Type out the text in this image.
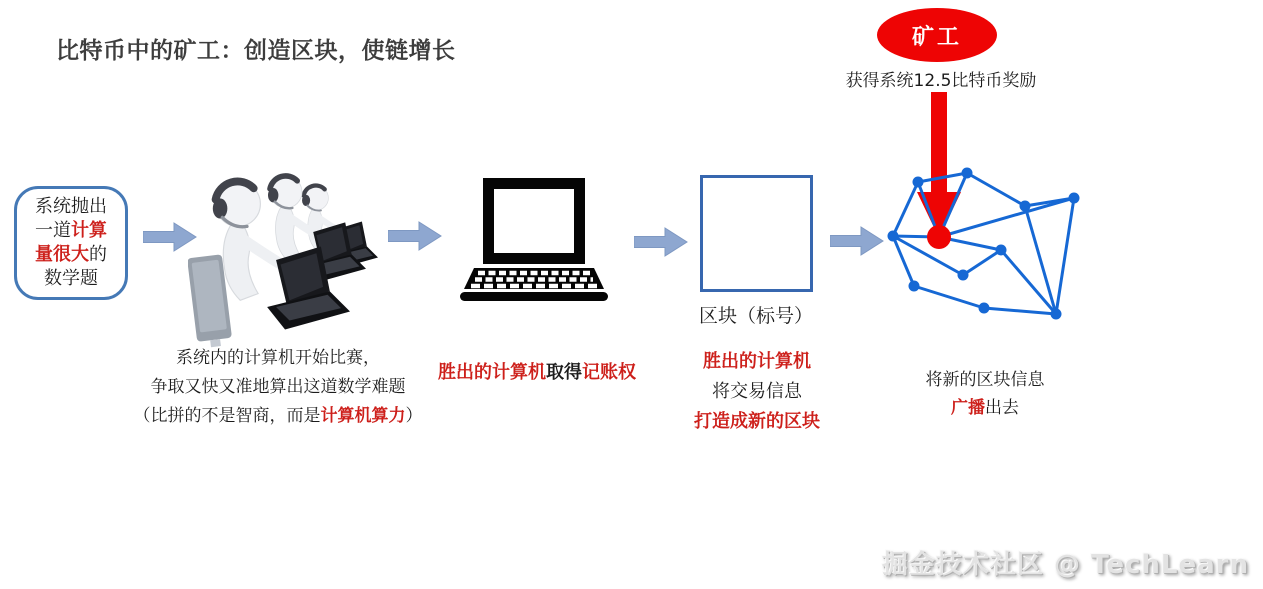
比特币中的矿工：创造区块，使链增长
系统抛出
一道计算
量很大的
数学题
系统内的计算机开始比赛，
争取又快又准地算出这道数学难题
（比拼的不是智商，而是计算机算力）
胜出的计算机取得记账权
区块（标号）
胜出的计算机
将交易信息
打造成新的区块
矿工
获得系统12.5比特币奖励
将新的区块信息
广播出去
掘金技术社区 @ TechLearn
